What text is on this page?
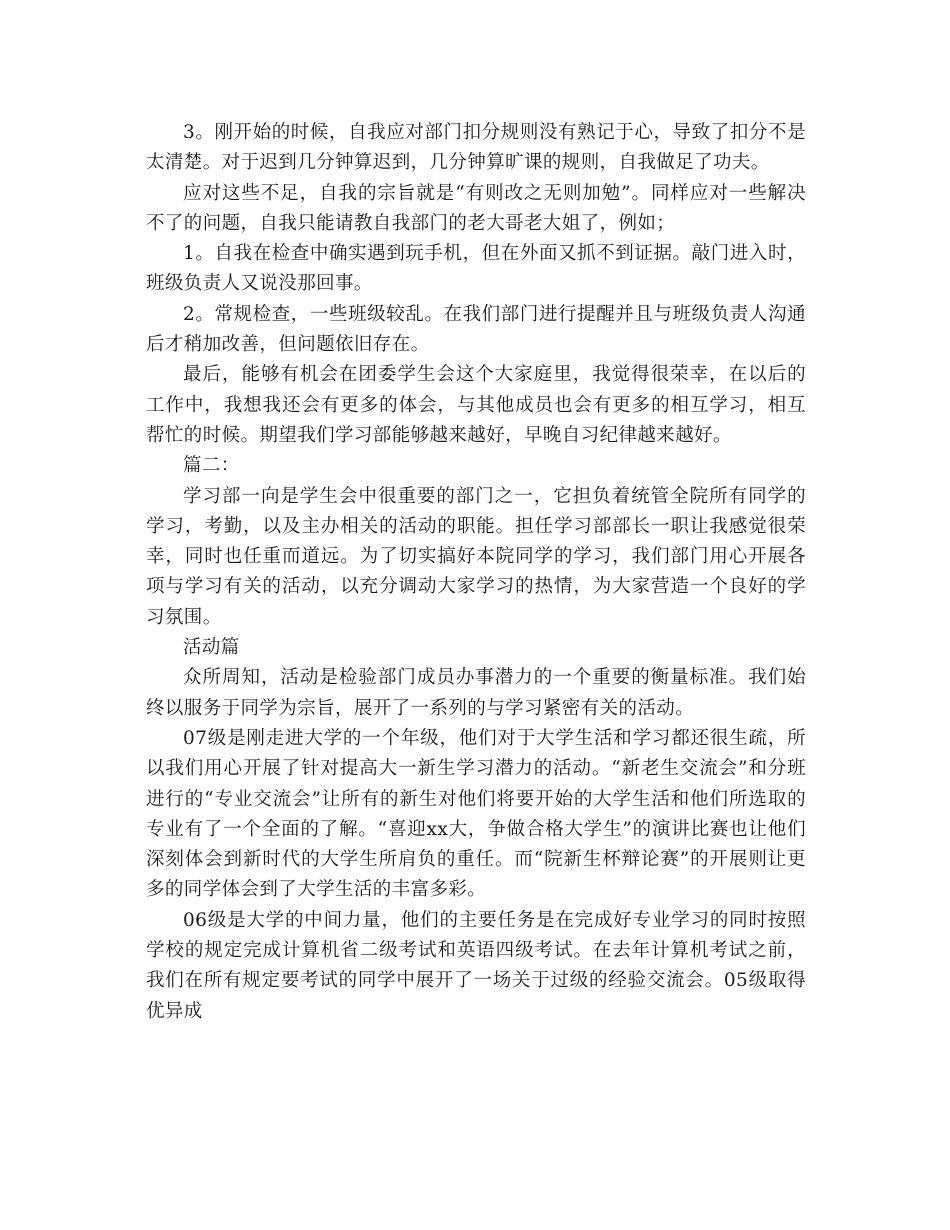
3。刚开始的时候，自我应对部门扣分规则没有熟记于心，导致了扣分不是太清楚。对于迟到几分钟算迟到，几分钟算旷课的规则，自我做足了功夫。

应对这些不足，自我的宗旨就是“有则改之无则加勉”。同样应对一些解决不了的问题，自我只能请教自我部门的老大哥老大姐了，例如；

1。自我在检查中确实遇到玩手机，但在外面又抓不到证据。敲门进入时，班级负责人又说没那回事。

2。常规检查，一些班级较乱。在我们部门进行提醒并且与班级负责人沟通后才稍加改善，但问题依旧存在。

最后，能够有机会在团委学生会这个大家庭里，我觉得很荣幸，在以后的工作中，我想我还会有更多的体会，与其他成员也会有更多的相互学习，相互帮忙的时候。期望我们学习部能够越来越好，早晚自习纪律越来越好。

篇二：

学习部一向是学生会中很重要的部门之一，它担负着统管全院所有同学的学习，考勤，以及主办相关的活动的职能。担任学习部部长一职让我感觉很荣幸，同时也任重而道远。为了切实搞好本院同学的学习，我们部门用心开展各项与学习有关的活动，以充分调动大家学习的热情，为大家营造一个良好的学习氛围。

活动篇

众所周知，活动是检验部门成员办事潜力的一个重要的衡量标准。我们始终以服务于同学为宗旨，展开了一系列的与学习紧密有关的活动。

07级是刚走进大学的一个年级，他们对于大学生活和学习都还很生疏，所以我们用心开展了针对提高大一新生学习潜力的活动。“新老生交流会”和分班进行的“专业交流会”让所有的新生对他们将要开始的大学生活和他们所选取的专业有了一个全面的了解。“喜迎xx大，争做合格大学生”的演讲比赛也让他们深刻体会到新时代的大学生所肩负的重任。而“院新生杯辩论赛”的开展则让更多的同学体会到了大学生活的丰富多彩。

06级是大学的中间力量，他们的主要任务是在完成好专业学习的同时按照学校的规定完成计算机省二级考试和英语四级考试。在去年计算机考试之前，我们在所有规定要考试的同学中展开了一场关于过级的经验交流会。05级取得优异成
